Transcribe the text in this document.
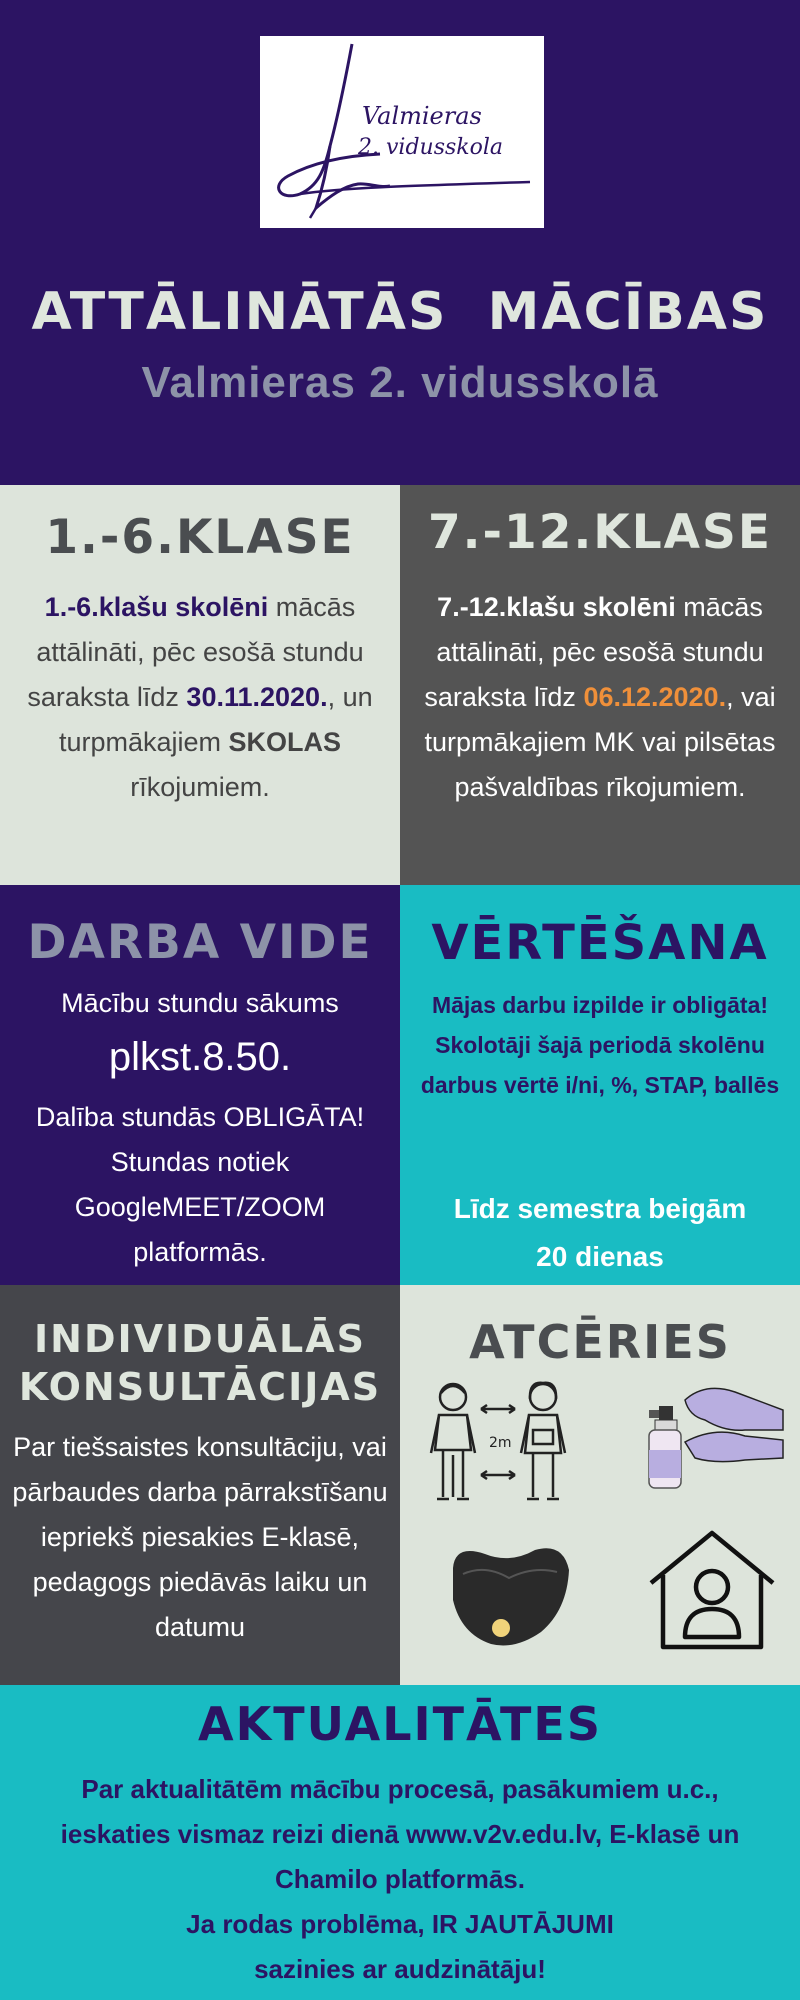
Valmieras
2. vidusskola
ATTĀLINĀTĀS  MĀCĪBAS
Valmieras 2. vidusskolā
1.-6.KLASE
1.-6.klašu skolēni mācās attālināti, pēc esošā stundu saraksta līdz 30.11.2020., un turpmākajiem SKOLAS rīkojumiem.
7.-12.KLASE
7.-12.klašu skolēni mācās attālināti, pēc esošā stundu saraksta līdz 06.12.2020., vai turpmākajiem MK vai pilsētas pašvaldības rīkojumiem.
DARBA VIDE
Mācību stundu sākums
plkst.8.50.
Dalība stundās OBLIGĀTA!
Stundas notiek GoogleMEET/ZOOM platformās.
VĒRTĒŠANA
Mājas darbu izpilde ir obligāta! Skolotāji šajā periodā skolēnu darbus vērtē i/ni, %, STAP, ballēs
Līdz semestra beigām
20 dienas
INDIVIDUĀLĀS
KONSULTĀCIJAS
Par tiešsaistes konsultāciju, vai pārbaudes darba pārrakstīšanu iepriekš piesakies E-klasē, pedagogs piedāvās laiku un datumu
ATCĒRIES
2m
AKTUALITĀTES
Par aktualitātēm mācību procesā, pasākumiem u.c., ieskaties vismaz reizi dienā www.v2v.edu.lv, E-klasē un Chamilo platformās.
Ja rodas problēma, IR JAUTĀJUMI
sazinies ar audzinātāju!
